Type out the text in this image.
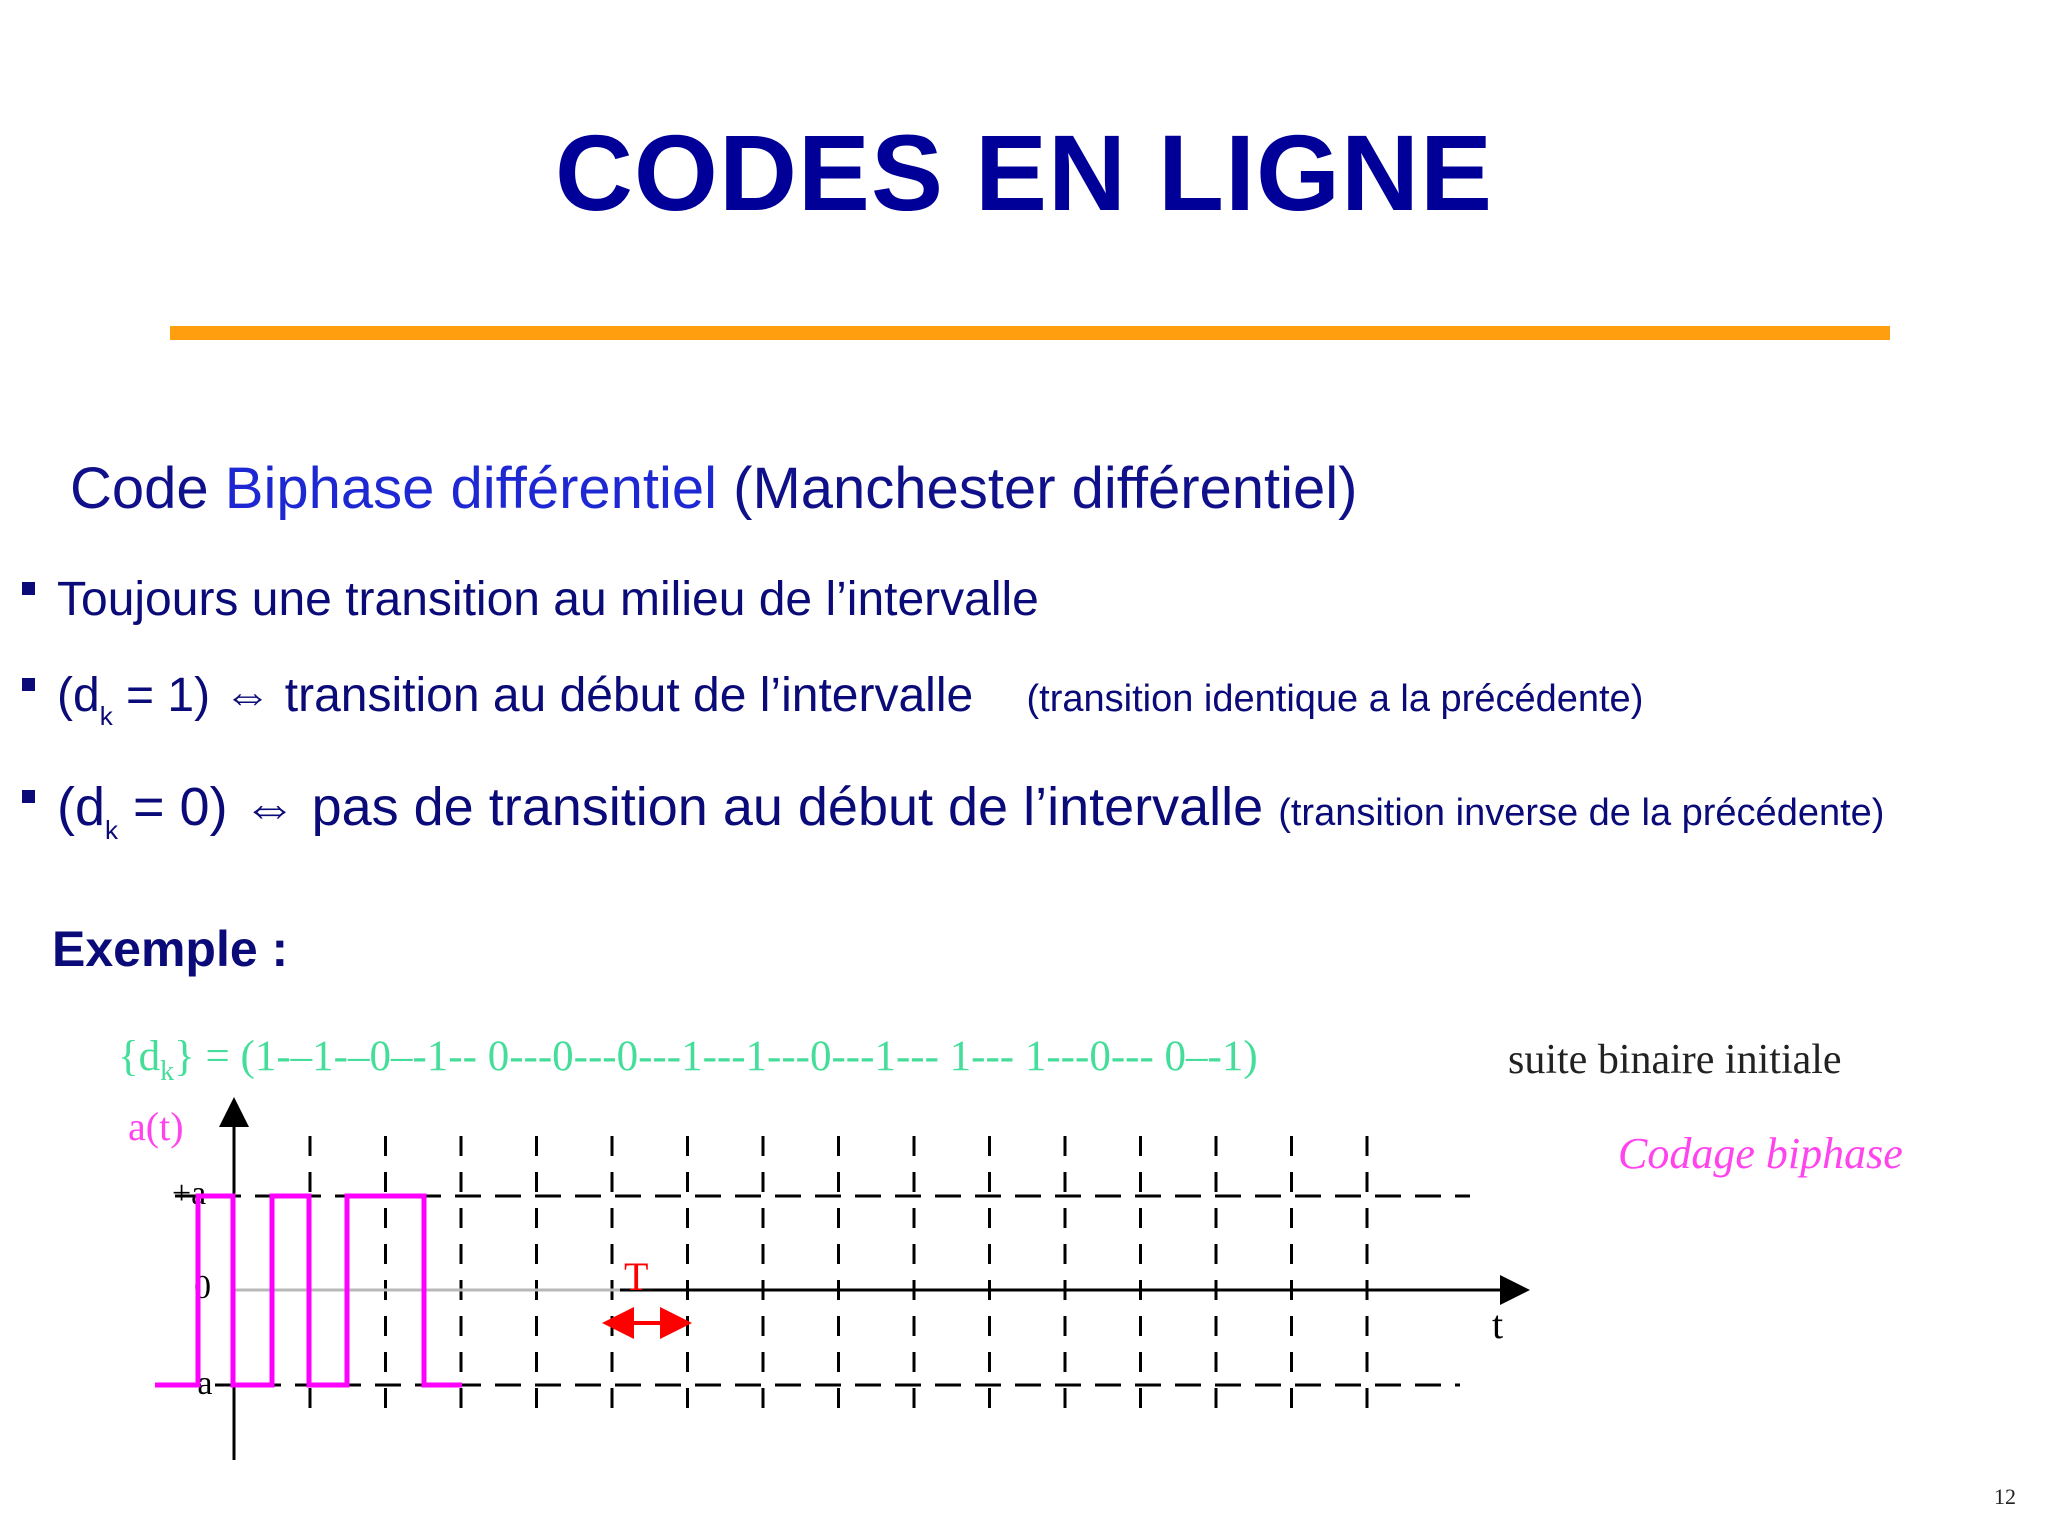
CODES EN LIGNE
Code Biphase différentiel (Manchester différentiel)
Toujours une transition au milieu de l’intervalle
$(d_k = 1)$ ⇔ transition au début de l’intervalle (transition identique a la précédente)
$(d_k = 0)$ ⇔ pas de transition au début de l’intervalle (transition inverse de la précédente)
Exemple :
$\{d_k\} = (1--1--0--1--$ 0---0---0---1---1---0---1--- 1--- 1---0--- 0–-1)	suite binaire initiale
Codage biphase
a(t)
t
+a
0
-a
T
12
